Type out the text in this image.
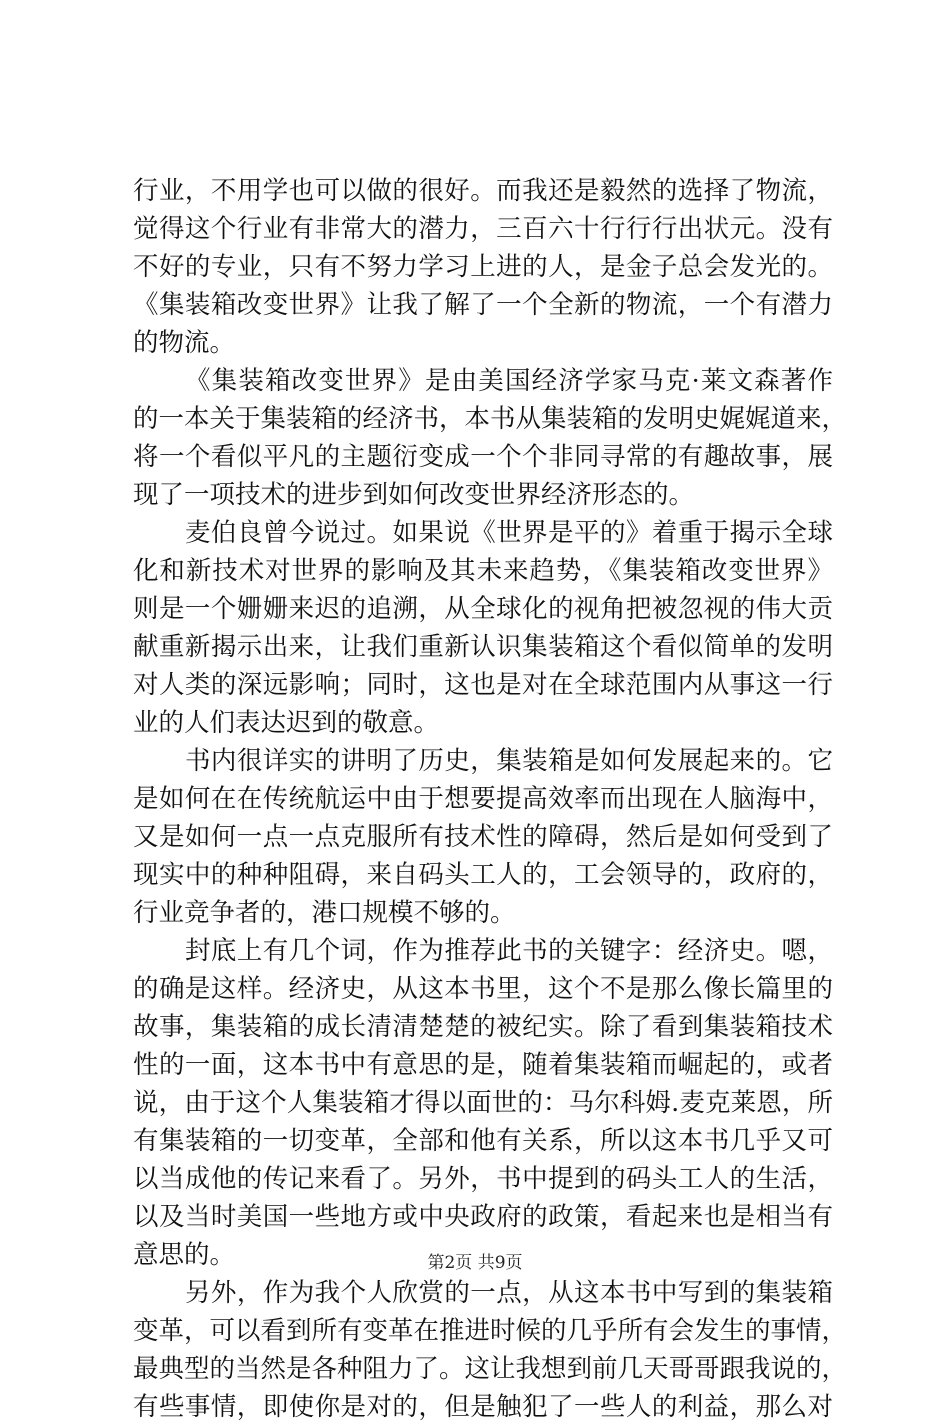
行业，不用学也可以做的很好。而我还是毅然的选择了物流，
觉得这个行业有非常大的潜力，三百六十行行行出状元。没有
不好的专业，只有不努力学习上进的人，是金子总会发光的。
《集装箱改变世界》让我了解了一个全新的物流，一个有潜力
的物流。
《集装箱改变世界》是由美国经济学家马克·莱文森著作
的一本关于集装箱的经济书，本书从集装箱的发明史娓娓道来，
将一个看似平凡的主题衍变成一个个非同寻常的有趣故事，展
现了一项技术的进步到如何改变世界经济形态的。
麦伯良曾今说过。如果说《世界是平的》着重于揭示全球
化和新技术对世界的影响及其未来趋势，《集装箱改变世界》
则是一个姗姗来迟的追溯，从全球化的视角把被忽视的伟大贡
献重新揭示出来，让我们重新认识集装箱这个看似简单的发明
对人类的深远影响；同时，这也是对在全球范围内从事这一行
业的人们表达迟到的敬意。
书内很详实的讲明了历史，集装箱是如何发展起来的。它
是如何在在传统航运中由于想要提高效率而出现在人脑海中，
又是如何一点一点克服所有技术性的障碍，然后是如何受到了
现实中的种种阻碍，来自码头工人的，工会领导的，政府的，
行业竞争者的，港口规模不够的。
封底上有几个词，作为推荐此书的关键字：经济史。嗯，
的确是这样。经济史，从这本书里，这个不是那么像长篇里的
故事，集装箱的成长清清楚楚的被纪实。除了看到集装箱技术
性的一面，这本书中有意思的是，随着集装箱而崛起的，或者
说，由于这个人集装箱才得以面世的：马尔科姆.麦克莱恩，所
有集装箱的一切变革，全部和他有关系，所以这本书几乎又可
以当成他的传记来看了。另外，书中提到的码头工人的生活，
以及当时美国一些地方或中央政府的政策，看起来也是相当有
意思的。
另外，作为我个人欣赏的一点，从这本书中写到的集装箱
变革，可以看到所有变革在推进时候的几乎所有会发生的事情，
最典型的当然是各种阻力了。这让我想到前几天哥哥跟我说的，
有些事情，即使你是对的，但是触犯了一些人的利益，那么对
第2页 共9页
